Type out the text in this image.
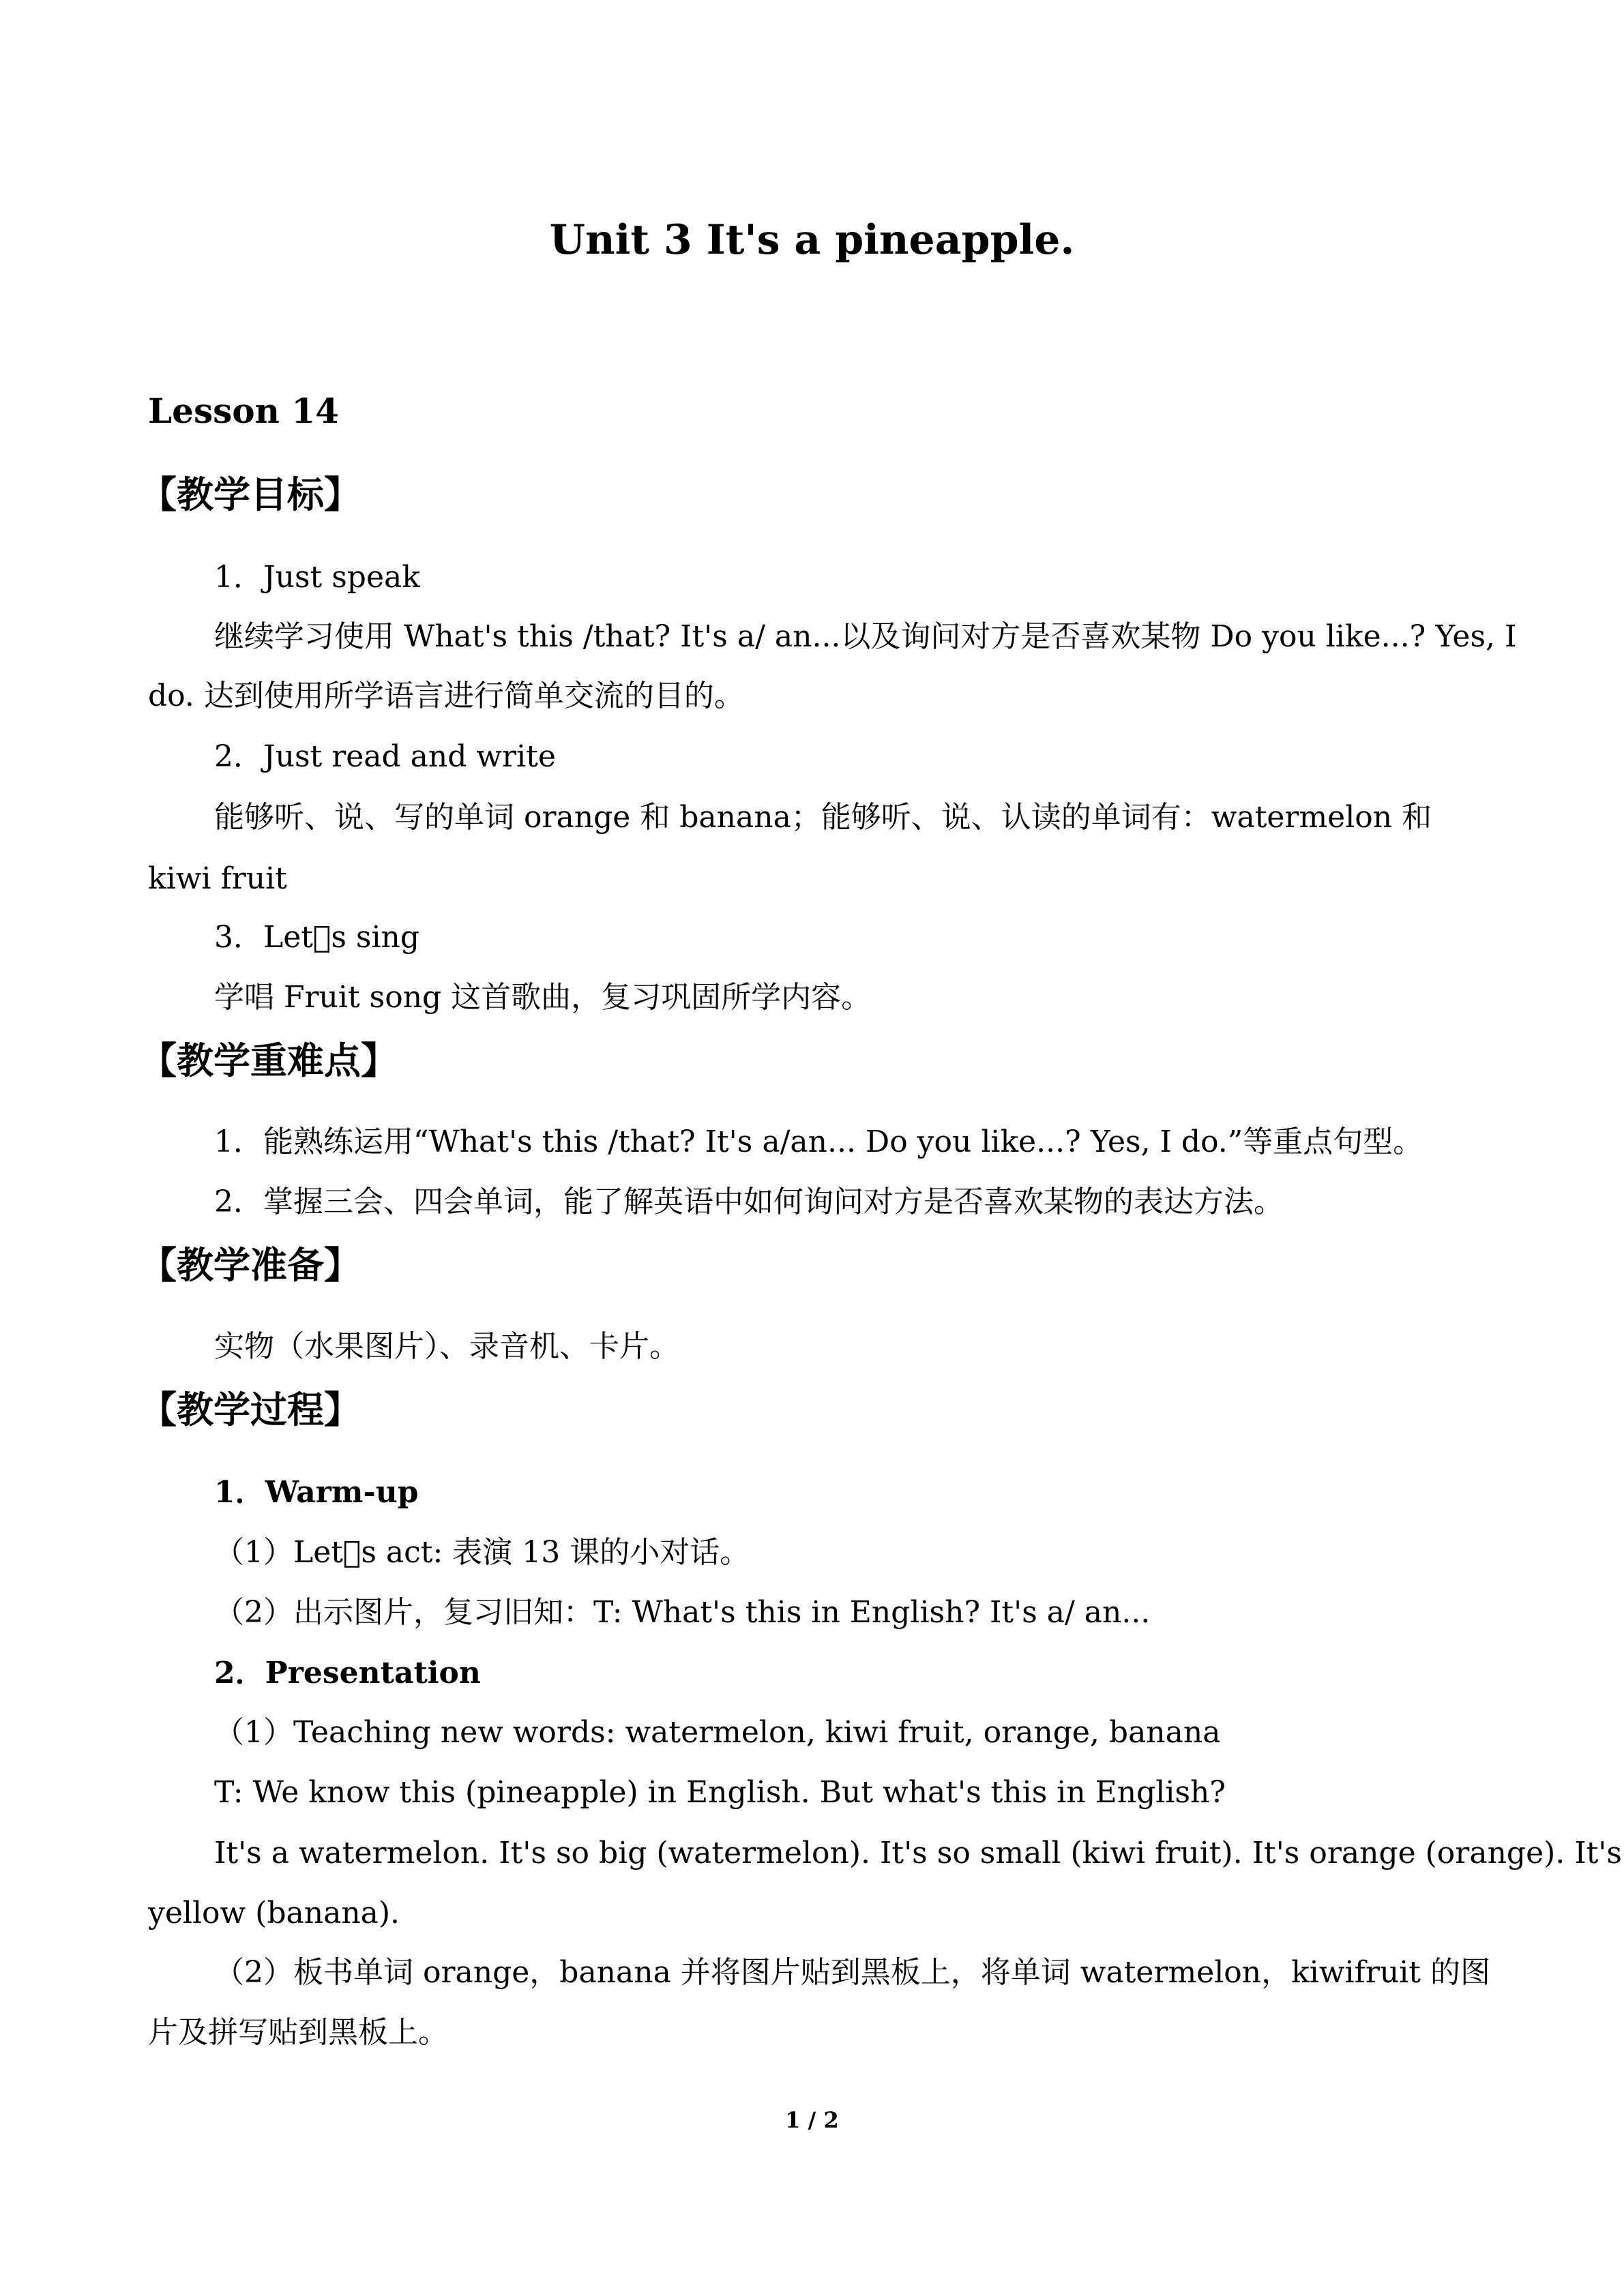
Unit 3 It's a pineapple.
Lesson 14
【教学目标】
1．Just speak
继续学习使用 What's this /that? It's a/ an...以及询问对方是否喜欢某物 Do you like...? Yes, I
do. 达到使用所学语言进行简单交流的目的。
2．Just read and write
能够听、说、写的单词 orange 和 banana；能够听、说、认读的单词有：watermelon 和
kiwi fruit
3．Let s sing
学唱 Fruit song 这首歌曲，复习巩固所学内容。
【教学重难点】
1．能熟练运用“What's this /that? It's a/an... Do you like...? Yes, I do.”等重点句型。
2．掌握三会、四会单词，能了解英语中如何询问对方是否喜欢某物的表达方法。
【教学准备】
实物（水果图片）、录音机、卡片。
【教学过程】
1．Warm-up
（1）Let s act: 表演 13 课的小对话。
（2）出示图片，复习旧知：T: What's this in English? It's a/ an...
2．Presentation
（1）Teaching new words: watermelon, kiwi fruit, orange, banana
T: We know this (pineapple) in English. But what's this in English?
It's a watermelon. It's so big (watermelon). It's so small (kiwi fruit). It's orange (orange). It's
yellow (banana).
（2）板书单词 orange，banana 并将图片贴到黑板上，将单词 watermelon，kiwifruit 的图
片及拼写贴到黑板上。
1 / 2
